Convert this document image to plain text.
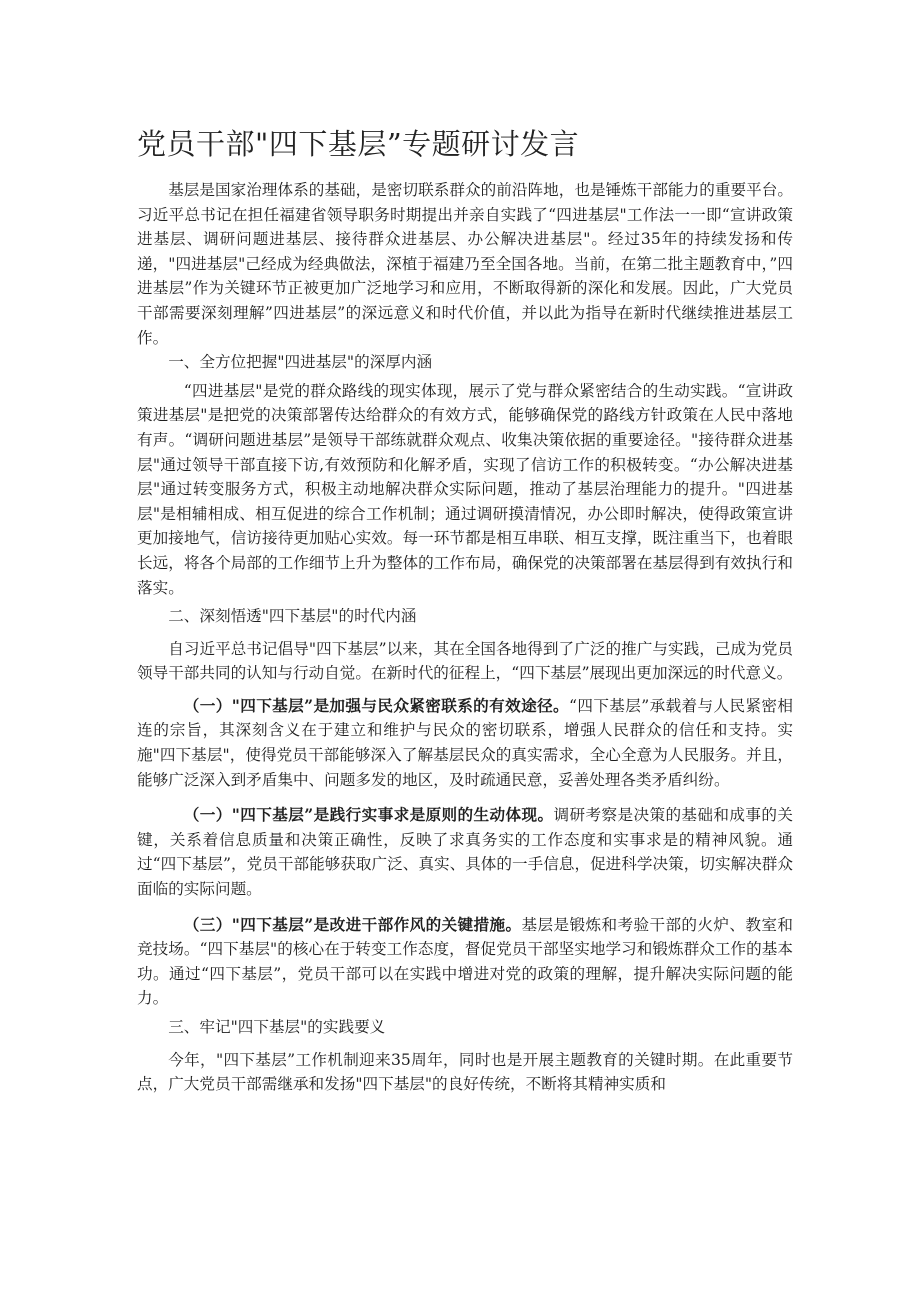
党员干部"四下基层”专题研讨发言

基层是国家治理体系的基础，是密切联系群众的前沿阵地，也是锤炼干部能力的重要平台。习近平总书记在担任福建省领导职务时期提出并亲自实践了“四进基层"工作法一一即“宣讲政策进基层、调研问题进基层、接待群众进基层、办公解决进基层"。经过35年的持续发扬和传递，"四进基层"己经成为经典做法，深植于福建乃至全国各地。当前，在第二批主题教育中，”四进基层”作为关键环节正被更加广泛地学习和应用，不断取得新的深化和发展。因此，广大党员干部需要深刻理解”四进基层”的深远意义和时代价值，并以此为指导在新时代继续推进基层工作。

一、全方位把握"四进基层"的深厚内涵

“四进基层"是党的群众路线的现实体现，展示了党与群众紧密结合的生动实践。“宣讲政策进基层"是把党的决策部署传达给群众的有效方式，能够确保党的路线方针政策在人民中落地有声。“调研问题进基层”是领导干部练就群众观点、收集决策依据的重要途径。"接待群众进基层"通过领导干部直接下访,有效预防和化解矛盾，实现了信访工作的积极转变。“办公解决进基层"通过转变服务方式，积极主动地解决群众实际问题，推动了基层治理能力的提升。"四进基层"是相辅相成、相互促进的综合工作机制；通过调研摸清情况，办公即时解决，使得政策宣讲更加接地气，信访接待更加贴心实效。每一环节都是相互串联、相互支撑，既注重当下，也着眼长远，将各个局部的工作细节上升为整体的工作布局，确保党的决策部署在基层得到有效执行和落实。

二、深刻悟透"四下基层"的时代内涵

自习近平总书记倡导"四下基层”以来，其在全国各地得到了广泛的推广与实践，己成为党员领导干部共同的认知与行动自觉。在新时代的征程上，“四下基层”展现出更加深远的时代意义。

（一）"四下基层”是加强与民众紧密联系的有效途径。“四下基层”承载着与人民紧密相连的宗旨，其深刻含义在于建立和维护与民众的密切联系，增强人民群众的信任和支持。实施"四下基层"，使得党员干部能够深入了解基层民众的真实需求，全心全意为人民服务。并且，能够广泛深入到矛盾集中、问题多发的地区，及时疏通民意，妥善处理各类矛盾纠纷。

（一）"四下基层”是践行实事求是原则的生动体现。调研考察是决策的基础和成事的关键，关系着信息质量和决策正确性，反映了求真务实的工作态度和实事求是的精神风貌。通过“四下基层”，党员干部能够获取广泛、真实、具体的一手信息，促进科学决策，切实解决群众面临的实际问题。

（三）"四下基层”是改进干部作风的关键措施。基层是锻炼和考验干部的火炉、教室和竞技场。“四下基层"的核心在于转变工作态度，督促党员干部坚实地学习和锻炼群众工作的基本功。通过“四下基层”，党员干部可以在实践中增进对党的政策的理解，提升解决实际问题的能力。

三、牢记"四下基层"的实践要义

今年，"四下基层”工作机制迎来35周年，同时也是开展主题教育的关键时期。在此重要节点，广大党员干部需继承和发扬"四下基层"的良好传统，不断将其精神实质和
